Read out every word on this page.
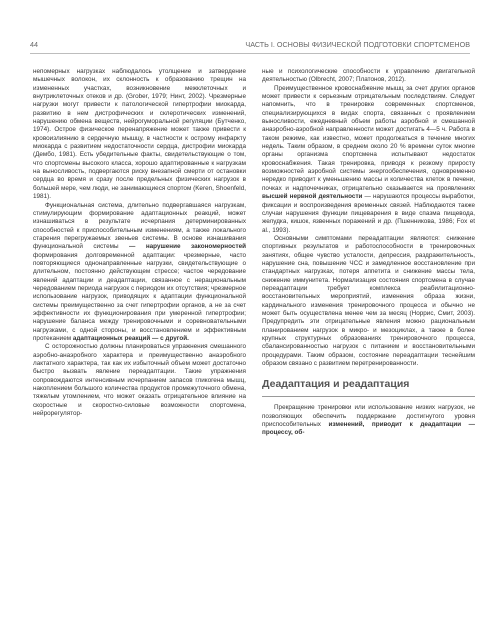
44	ЧАСТЬ I. ОСНОВЫ ФИЗИЧЕСКОЙ ПОДГОТОВКИ СПОРТСМЕНОВ

непомерных нагрузках наблюдалось утолщение и затвердение мышечных волокон, их склонность к образованию трещин на измененных участках, возникновение межклеточных и внутриклеточных отеков и др. (Grober, 1979; Нинт, 2002). Чрезмерные нагрузки могут привести к патологической гипертрофии миокарда, развитию в нем дистрофических и склеротических изменений, нарушению обмена веществ, нейрогуморальной регуляции (Бутченко, 1974). Острое физическое перенапряжение может также привести к кровоизлиянию в сердечную мышцу, в частности к острому инфаркту миокарда с развитием недостаточности сердца, дистрофии миокарда (Дембо, 1981). Есть убедительные факты, свидетельствующие о том, что спортсмены высокого класса, хорошо адаптированные к нагрузкам на выносливость, подвергаются риску внезапной смерти от остановки сердца во время и сразу после предельных физических нагрузок в большей мере, чем люди, не занимающиеся спортом (Keren, Shoenfeld, 1981).

Функциональная система, длительно подвергавшаяся нагрузкам, стимулирующим формирование адаптационных реакций, может изнашиваться в результате исчерпания детерминированных способностей к приспособительным изменениям, а также локального старения перегружаемых звеньев системы. В основе изнашивания функциональной системы — нарушение закономерностей формирования долговременной адаптации: чрезмерные, часто повторяющиеся однонаправленные нагрузки, свидетельствующие о длительном, постоянно действующем стрессе; частое чередование явлений адаптации и деадаптации, связанное с нерациональным чередованием периода нагрузок с периодом их отсутствия; чрезмерное использование нагрузок, приводящих к адаптации функциональной системы преимущественно за счет гипертрофии органов, а не за счет эффективности их функционирования при умеренной гипертрофии; нарушение баланса между тренировочными и соревновательными нагрузками, с одной стороны, и восстановлением и эффективным протеканием адаптационных реакций — с другой.

С осторожностью должны планироваться упражнения смешанного аэробно-анаэробного характера и преимущественно анаэробного лактатного характера, так как их избыточный объем может достаточно быстро вызвать явление переадаптации. Такие упражнения сопровождаются интенсивным исчерпанием запасов гликогена мышц, накоплением большого количества продуктов промежуточного обмена, тяжелым утомлением, что может оказать отрицательное влияние на скоростные и скоростно-силовые возможности спортсмена, нейрорегулятор-

ные и психологические способности к управлению двигательной деятельностью (Olbrecht, 2007; Платонов, 2012).

Преимущественное кровоснабжение мышц за счет других органов может привести к серьезным отрицательным последствиям. Следует напомнить, что в тренировке современных спортсменов, специализирующихся в видах спорта, связанных с проявлением выносливости, ежедневный объем работы аэробной и смешанной анаэробно-аэробной направленности может достигать 4—5 ч. Работа в таком режиме, как известно, может продолжаться в течение многих недель. Таким образом, в среднем около 20 % времени суток многие органы организма спортсмена испытывают недостаток кровоснабжения. Такая тренировка, приводя к резкому приросту возможностей аэробной системы энергообеспечения, одновременно нередко приводит к уменьшению массы и количества клеток в печени, почках и надпочечниках, отрицательно сказывается на проявлениях высшей нервной деятельности — нарушаются процессы выработки, фиксации и воспроизведения временных связей. Наблюдаются также случаи нарушения функции пищеварения в виде спазма пищевода, желудка, кишок, язвенных поражений и др. (Пшенникова, 1986; Fox et al., 1993).

Основными симптомами переадаптации являются: снижение спортивных результатов и работоспособности в тренировочных занятиях, общее чувство усталости, депрессия, раздражительность, нарушение сна, повышение ЧСС и замедленное восстановление при стандартных нагрузках, потеря аппетита и снижение массы тела, снижение иммунитета. Нормализация состояния спортсмена в случае переадаптации требует комплекса реабилитационно-восстановительных мероприятий, изменения образа жизни, кардинального изменения тренировочного процесса и обычно не может быть осуществлена менее чем за месяц (Норрис, Смит, 2003). Предупредить эти отрицательные явления можно рациональным планированием нагрузок в микро- и мезоциклах, а также в более крупных структурных образованиях тренировочного процесса, сбалансированностью нагрузок с питанием и восстановительными процедурами. Таким образом, состояние переадаптации теснейшим образом связано с развитием перетренированности.

Деадаптация и реадаптация

Прекращение тренировки или использование низких нагрузок, не позволяющих обеспечить поддержание достигнутого уровня приспособительных изменений, приводит к деадаптации — процессу, об-
